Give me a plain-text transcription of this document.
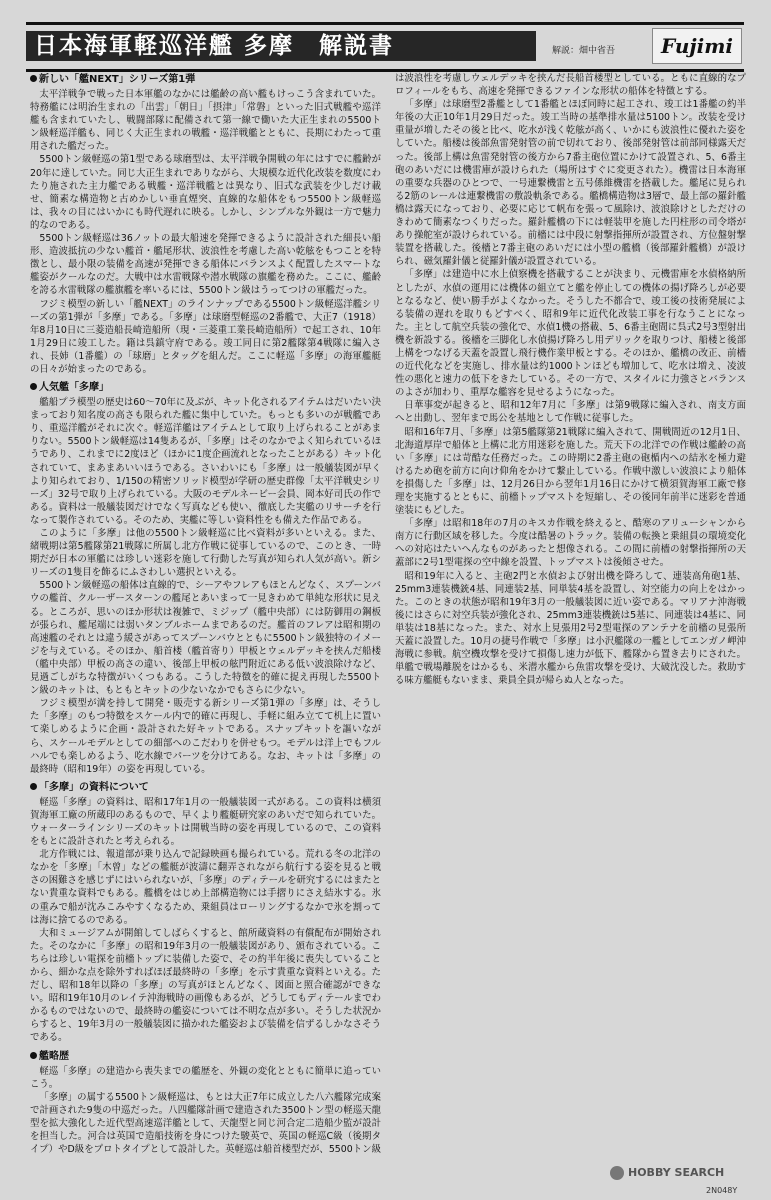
日本海軍軽巡洋艦 多摩　解説書	解説：畑中省吾	Fujimi
新しい「艦NEXT」シリーズ第1弾

太平洋戦争で戦った日本軍艦のなかには艦齢の高い艦もけっこう含まれていた。特務艦には明治生まれの「出雲」「朝日」「摂津」「常磐」といった旧式戦艦や巡洋艦も含まれていたし、戦闘部隊に配備されて第一線で働いた大正生まれの5500トン級軽巡洋艦も、同じく大正生まれの戦艦・巡洋戦艦とともに、長期にわたって重用された艦だった。

5500トン級軽巡の第1型である球磨型は、太平洋戦争開戦の年にはすでに艦齢が20年に達していた。同じ大正生まれでありながら、大規模な近代化改装を数度にわたり施された主力艦である戦艦・巡洋戦艦とは異なり、旧式な武装を少しだけ載せ、簡素な構造物と古めかしい垂直煙突、直線的な船体をもつ5500トン級軽巡は、我々の目にはいかにも時代遅れに映る。しかし、シンプルな外観は一方で魅力的なのである。

5500トン級軽巡は36ノットの最大船速を発揮できるように設計された細長い船形、造波抵抗の少ない艦首・艦尾形状、波浪性を考慮した高い乾舷をもつことを特徴とし、最小限の装備を高速が発揮できる船体にバランスよく配置したスマートな艦姿がクールなのだ。大戦中は水雷戦隊や潜水戦隊の旗艦を務めた。ここに、艦齢を誇る水雷戦隊の艦旗艦を率いるには、5500トン級はうってつけの軍艦だった。

フジミ模型の新しい「艦NEXT」のラインナップである5500トン級軽巡洋艦シリーズの第1弾が「多摩」である。「多摩」は球磨型軽巡の2番艦で、大正7（1918）年8月10日に三菱造船長崎造船所（現・三菱重工業長崎造船所）で起工され、10年1月29日に竣工した。籍は呉鎮守府である。竣工同日に第2艦隊第4戦隊に編入され、長姉（1番艦）の「球磨」とタッグを組んだ。ここに軽巡「多摩」の海軍艦艇の日々が始まったのである。

人気艦「多摩」

艦船プラ模型の歴史は60〜70年に及ぶが、キット化されるアイテムはだいたい決まっており知名度の高さも限られた艦に集中していた。もっとも多いのが戦艦であり、重巡洋艦がそれに次ぐ。軽巡洋艦はアイテムとして取り上げられることがあまりない。5500トン級軽巡は14隻あるが、「多摩」はそのなかでよく知られているほうであり、これまでに2度ほど（ほかに1度企画流れとなったことがある）キット化されていて、まあまあいいほうである。さいわいにも「多摩」は一般艤装図が早くより知られており、1/150の精密ソリッド模型が学研の歴史群像「太平洋戦史シリーズ」32号で取り上げられている。大阪のモデルネービー会員、岡本好司氏の作である。資料は一般艤装図だけでなく写真なども使い、徹底した実艦のリサーチを行なって製作されている。そのため、実艦に等しい資料性をも備えた作品である。

このように「多摩」は他の5500トン級軽巡に比べ資料が多いといえる。また、緒戦期は第5艦隊第21戦隊に所属し北方作戦に従事しているので、このとき、一時期だが日本の軍艦には珍しい迷彩を施して行動した写真が知られ人気が高い。新シリーズの1隻目を飾るにふさわしい選択といえる。

5500トン級軽巡の船体は直線的で、シーアやフレアもほとんどなく、スプーンバウの艦首、クルーザースターンの艦尾とあいまって一見きわめて単純な形状に見える。ところが、思いのほか形状は複雑で、ミジップ（艦中央部）には防御用の鋼板が張られ、艦尾端には弱いタンブルホームまであるのだ。艦首のフレアは昭和期の高速艦のそれとは違う緩さがあってスプーンバウとともに5500トン級独特のイメージを与えている。そのほか、船首楼（艦首寄り）甲板とウェルデッキを挟んだ船楼（艦中央部）甲板の高さの違い、後部上甲板の舷門附近にある低い波浪除けなど、見過ごしがちな特徴がいくつもある。こうした特徴を的確に捉え再現した5500トン級のキットは、もともとキットの少ないなかでもさらに少ない。

フジミ模型が満を持して開発・販売する新シリーズ第1弾の「多摩」は、そうした「多摩」のもつ特徴をスケール内で的確に再現し、手軽に組み立てて机上に置いて楽しめるように企画・設計された好キットである。スナップキットを謳いながら、スケールモデルとしての細部へのこだわりを併せもつ。モデルは洋上でもフルハルでも楽しめるよう、吃水線でパーツを分けてある。なお、キットは「多摩」の最終時（昭和19年）の姿を再現している。

「多摩」の資料について

軽巡「多摩」の資料は、昭和17年1月の一般艤装図一式がある。この資料は横須賀海軍工廠の所蔵印のあるもので、早くより艦艇研究家のあいだで知られていた。ウォーターラインシリーズのキットは開戦当時の姿を再現しているので、この資料をもとに設計されたと考えられる。

北方作戦には、報道部が乗り込んで記録映画も撮られている。荒れる冬の北洋のなかを「多摩」「木曾」などの艦艇が波濤に翻弄されながら航行する姿を見ると戦さの困難さを感じずにはいられないが、「多摩」のディテールを研究するにはまたとない貴重な資料でもある。艦橋をはじめ上部構造物には手摺りにさえ結氷する。氷の重みで船が沈みこみやすくなるため、乗組員はローリングするなかで氷を割っては海に捨てるのである。

大和ミュージアムが開館してしばらくすると、館所蔵資料の有償配布が開始された。そのなかに「多摩」の昭和19年3月の一般艤装図があり、頒布されている。こちらは珍しい電探を前檣トップに装備した姿で、その約半年後に喪失していることから、細かな点を除外すればほぼ最終時の「多摩」を示す貴重な資料といえる。ただし、昭和18年以降の「多摩」の写真がほとんどなく、図面と照合確認ができない。昭和19年10月のレイテ沖海戦時の画像もあるが、どうしてもディテールまでわかるものではないので、最終時の艦姿については不明な点が多い。そうした状況からすると、19年3月の一般艤装図に描かれた艦姿および装備を信ずるしかなさそうである。

艦略歴

軽巡「多摩」の建造から喪失までの艦歴を、外観の変化とともに簡単に追っていこう。

「多摩」の属する5500トン級軽巡は、もとは大正7年に成立した八六艦隊完成案で計画された9隻の中巡だった。八四艦隊計画で建造された3500トン型の軽巡天龍型を拡大強化した近代型高速巡洋艦として、天龍型と同じ河合定二造船少監が設計を担当した。河合は英国で造船技術を身につけた駿英で、英国の軽巡C級（後期タイプ）やD級をプロトタイプとして設計した。英軽巡は船首楼型だが、5500トン級は波浪性を考慮しウェルデッキを挟んだ長船首楼型としている。ともに直線的なプロフィールをもち、高速を発揮できるファインな形状の船体を特徴とする。

「多摩」は球磨型2番艦として1番艦とほぼ同時に起工され、竣工は1番艦の約半年後の大正10年1月29日だった。竣工当時の基準排水量は5100トン。改装を受け重量が増したその後と比べ、吃水が浅く乾舷が高く、いかにも波浪性に優れた姿をしていた。船楼は後部魚雷発射管の前で切れており、後部発射管は前部同様露天だった。後部上構は魚雷発射管の後方から7番主砲位置にかけて設置され、5、6番主砲のあいだには機雷庫が設けられた（場所はすぐに変更された）。機雷は日本海軍の重要な兵器のひとつで、一号連繋機雷と五号係維機雷を搭載した。艦尾に見られる2筋のレールは連繋機雷の敷設軌条である。艦橋構造物は3層で、最上部の羅針艦橋は露天になっており、必要に応じて帆布を張って風除け、波浪除けとしただけのきわめて簡素なつくりだった。羅針艦橋の下には軽装甲を施した円柱形の司令塔があり操舵室が設けられている。前檣には中段に射撃指揮所が設置され、方位盤射撃装置を搭載した。後檣と7番主砲のあいだには小型の艦橋（後部羅針艦橋）が設けられ、磁気羅針儀と従羅針儀が設置されている。

「多摩」は建造中に水上偵察機を搭載することが決まり、元機雷庫を水偵格納所としたが、水偵の運用には機体の組立てと艦を停止しての機体の揚げ降ろしが必要となるなど、使い勝手がよくなかった。そうした不都合で、竣工後の技術発展による装備の遅れを取りもどすべく、昭和9年に近代化改装工事を行なうことになった。主として航空兵装の強化で、水偵1機の搭載、5、6番主砲間に呉式2号3型射出機を新設する。後檣を三脚化し水偵揚げ降ろし用デリックを取りつけ、船楼と後部上構をつなげる天蓋を設置し飛行機作業甲板とする。そのほか、艦橋の改正、前檣の近代化などを実施し、排水量は約1000トンほども増加して、吃水は増え、凌波性の悪化と速力の低下をきたしている。その一方で、スタイルに力強さとバランスのよさが加わり、重厚な艦容を見せるようになった。

日華事変が起きると、昭和12年7月に「多摩」は第9戦隊に編入され、南支方面へと出動し、翌年まで馬公を基地として作戦に従事した。

昭和16年7月、「多摩」は第5艦隊第21戦隊に編入されて、開戦間近の12月1日、北海道厚岸で船体と上構に北方用迷彩を施した。荒天下の北洋での作戦は艦齢の高い「多摩」には苛酷な任務だった。この時期に2番主砲の砲楯内への結氷を極力避けるため砲を前方に向け仰角をかけて繋止している。作戦中激しい波浪により船体を損傷した「多摩」は、12月26日から翌年1月16日にかけて横須賀海軍工廠で修理を実施するとともに、前檣トップマストを短縮し、その後同年前半に迷彩を普通塗装にもどした。

「多摩」は昭和18年の7月のキスカ作戦を終えると、酷寒のアリューシャンから南方に行動区域を移した。今度は酷暑のトラック。装備の転換と乗組員の環境変化への対応はたいへんなものがあったと想像される。この間に前檣の射撃指揮所の天蓋部に2号1型電探の空中線を設置、トップマストは後傾させた。

昭和19年に入ると、主砲2門と水偵および射出機を降ろして、連装高角砲1基、25mm3連装機銃4基、同連装2基、同単装4基を設置し、対空能力の向上をはかった。このときの状態が昭和19年3月の一般艤装図に近い姿である。マリアナ沖海戦後にはさらに対空兵装が強化され、25mm3連装機銃は5基に、同連装は4基に、同単装は18基になった。また、対水上見張用2号2型電探のアンテナを前檣の見張所天蓋に設置した。10月の捷号作戦で「多摩」は小沢艦隊の一艦としてエンガノ岬沖海戦に参戦。航空機攻撃を受けて損傷し速力が低下、艦隊から置き去りにされた。単艦で戦場離脱をはかるも、米潜水艦から魚雷攻撃を受け、大破沈没した。救助する味方艦艇もないまま、乗員全員が帰らぬ人となった。

HOBBY SEARCH
2N048Y
